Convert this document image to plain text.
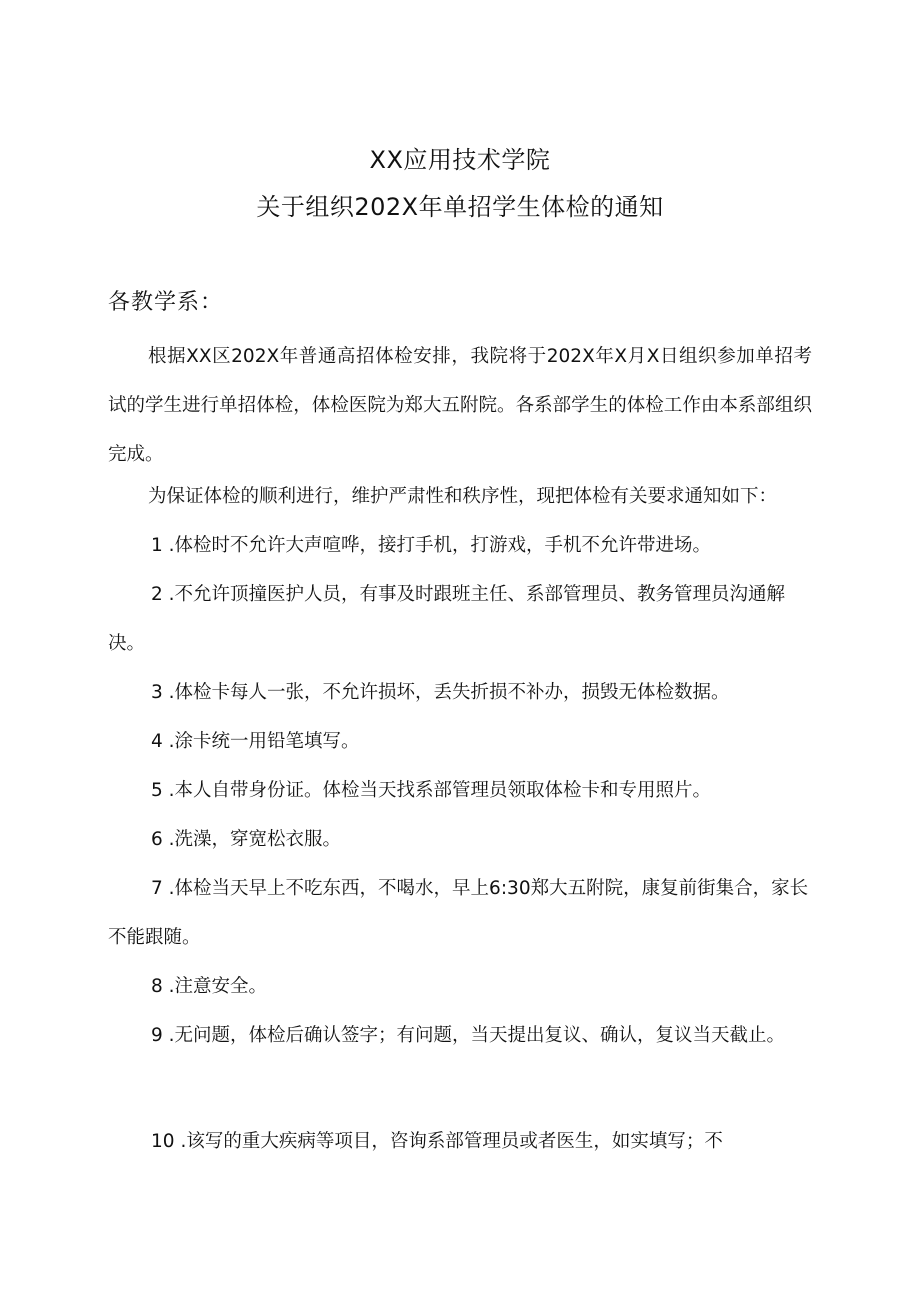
XX应用技术学院
关于组织202X年单招学生体检的通知
各教学系：
根据XX区202X年普通高招体检安排，我院将于202X年X月X日组织参加单招考试的学生进行单招体检，体检医院为郑大五附院。各系部学生的体检工作由本系部组织完成。
为保证体检的顺利进行，维护严肃性和秩序性，现把体检有关要求通知如下：
1 .体检时不允许大声喧哗，接打手机，打游戏，手机不允许带进场。
2 .不允许顶撞医护人员，有事及时跟班主任、系部管理员、教务管理员沟通解决。
3 .体检卡每人一张，不允许损坏，丢失折损不补办，损毁无体检数据。
4 .涂卡统一用铅笔填写。
5 .本人自带身份证。体检当天找系部管理员领取体检卡和专用照片。
6 .洗澡，穿宽松衣服。
7 .体检当天早上不吃东西，不喝水，早上6:30郑大五附院，康复前街集合，家长不能跟随。
8 .注意安全。
9 .无问题，体检后确认签字；有问题，当天提出复议、确认，复议当天截止。
10 .该写的重大疾病等项目，咨询系部管理员或者医生，如实填写；不
